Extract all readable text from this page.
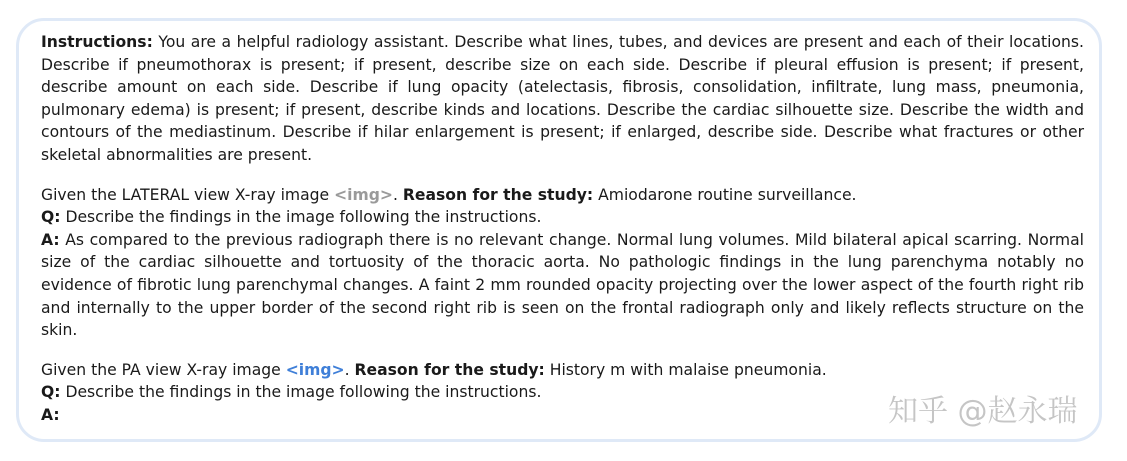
Instructions: You are a helpful radiology assistant. Describe what lines, tubes, and devices are present and each of their locations. Describe if pneumothorax is present; if present, describe size on each side. Describe if pleural effusion is present; if present, describe amount on each side. Describe if lung opacity (atelectasis, fibrosis, consolidation, infiltrate, lung mass, pneumonia, pulmonary edema) is present; if present, describe kinds and locations. Describe the cardiac silhouette size. Describe the width and contours of the mediastinum. Describe if hilar enlargement is present; if enlarged, describe side. Describe what fractures or other skeletal abnormalities are present.

Given the LATERAL view X-ray image <img>. Reason for the study: Amiodarone routine surveillance.

Q: Describe the findings in the image following the instructions.

A: As compared to the previous radiograph there is no relevant change. Normal lung volumes. Mild bilateral apical scarring. Normal size of the cardiac silhouette and tortuosity of the thoracic aorta. No pathologic findings in the lung parenchyma notably no evidence of fibrotic lung parenchymal changes. A faint 2 mm rounded opacity projecting over the lower aspect of the fourth right rib and internally to the upper border of the second right rib is seen on the frontal radiograph only and likely reflects structure on the skin.

Given the PA view X-ray image <img>. Reason for the study: History m with malaise pneumonia.

Q: Describe the findings in the image following the instructions.

A:	知乎 @赵永瑞
